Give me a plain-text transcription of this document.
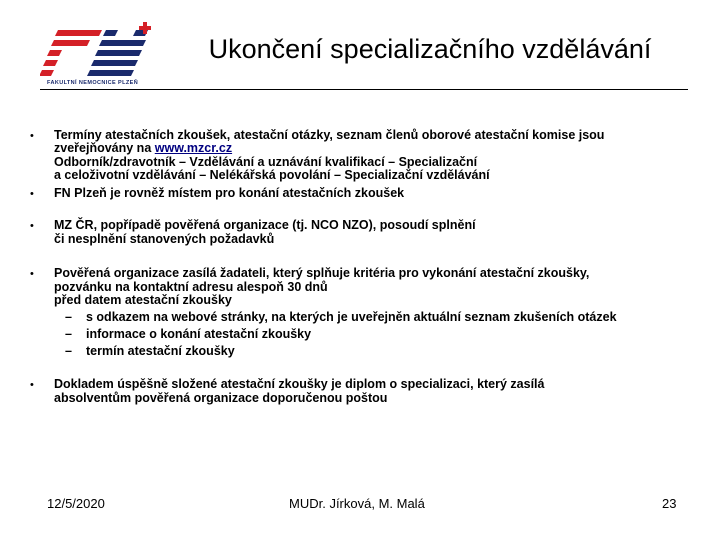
FAKULTNÍ NEMOCNICE PLZEŇ
Ukončení specializačního vzdělávání
• Termíny atestačních zkoušek, atestační otázky, seznam členů oborové atestační komise jsou
zveřejňovány na www.mzcr.cz
Odborník/zdravotník – Vzdělávání a uznávání kvalifikací – Specializační
a celoživotní vzdělávání – Nelékářská povolání – Specializační vzdělávání
• FN Plzeň je rovněž místem pro konání atestačních zkoušek
• MZ ČR, popřípadě pověřená organizace (tj. NCO NZO), posoudí splnění
či nesplnění stanovených požadavků
• Pověřená organizace zasílá žadateli, který splňuje kritéria pro vykonání atestační zkoušky,
pozvánku na kontaktní adresu alespoň 30 dnů
před datem atestační zkoušky
– s odkazem na webové stránky, na kterých je uveřejněn aktuální seznam zkušeních otázek
– informace o konání atestační zkoušky
– termín atestační zkoušky
• Dokladem úspěšně složené atestační zkoušky je diplom o specializaci, který zasílá
absolventům pověřená organizace doporučenou poštou
12/5/2020	MUDr. Jírková, M. Malá	23
